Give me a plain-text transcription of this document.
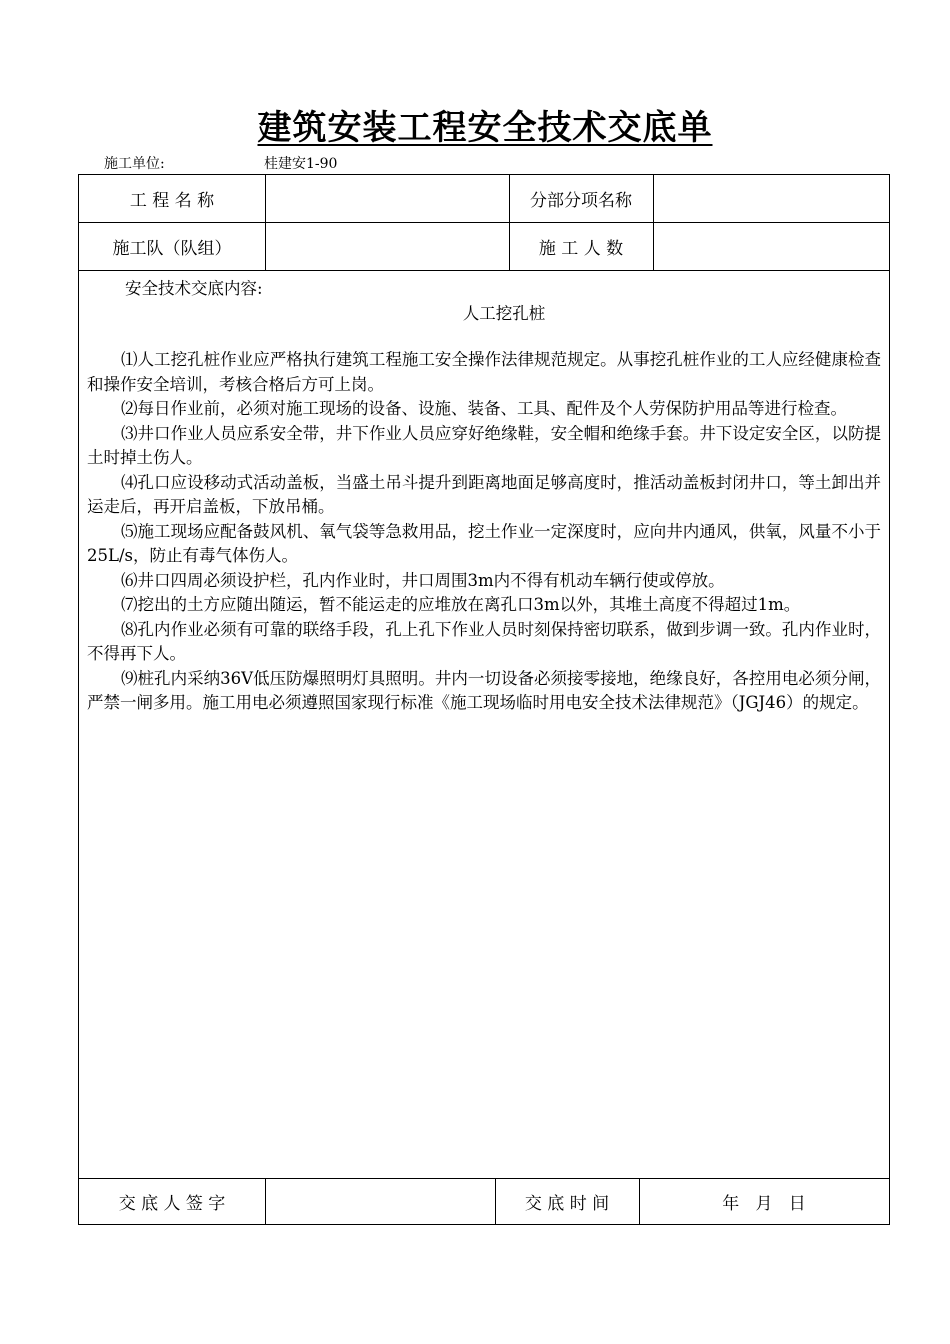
建筑安装工程安全技术交底单
施工单位:	桂建安1-90
工 程 名 称	分部分项名称
施工队（队组）	施 工 人 数
安全技术交底内容:
人工挖孔桩

⑴人工挖孔桩作业应严格执行建筑工程施工安全操作法律规范规定。从事挖孔桩作业的工人应经健康检查和操作安全培训，考核合格后方可上岗。

⑵每日作业前，必须对施工现场的设备、设施、装备、工具、配件及个人劳保防护用品等进行检查。

⑶井口作业人员应系安全带，井下作业人员应穿好绝缘鞋，安全帽和绝缘手套。井下设定安全区，以防提土时掉土伤人。

⑷孔口应设移动式活动盖板，当盛土吊斗提升到距离地面足够高度时，推活动盖板封闭井口，等土卸出并运走后，再开启盖板，下放吊桶。

⑸施工现场应配备鼓风机、氧气袋等急救用品，挖土作业一定深度时，应向井内通风，供氧，风量不小于25L/s，防止有毒气体伤人。

⑹井口四周必须设护栏，孔内作业时，井口周围3m内不得有机动车辆行使或停放。

⑺挖出的土方应随出随运，暂不能运走的应堆放在离孔口3m以外，其堆土高度不得超过1m。

⑻孔内作业必须有可靠的联络手段，孔上孔下作业人员时刻保持密切联系，做到步调一致。孔内作业时，不得再下人。

⑼桩孔内采纳36V低压防爆照明灯具照明。井内一切设备必须接零接地，绝缘良好，各控用电必须分闸，严禁一闸多用。施工用电必须遵照国家现行标准《施工现场临时用电安全技术法律规范》（JGJ46）的规定。

交 底 人 签 字	交 底 时 间	年   月   日
